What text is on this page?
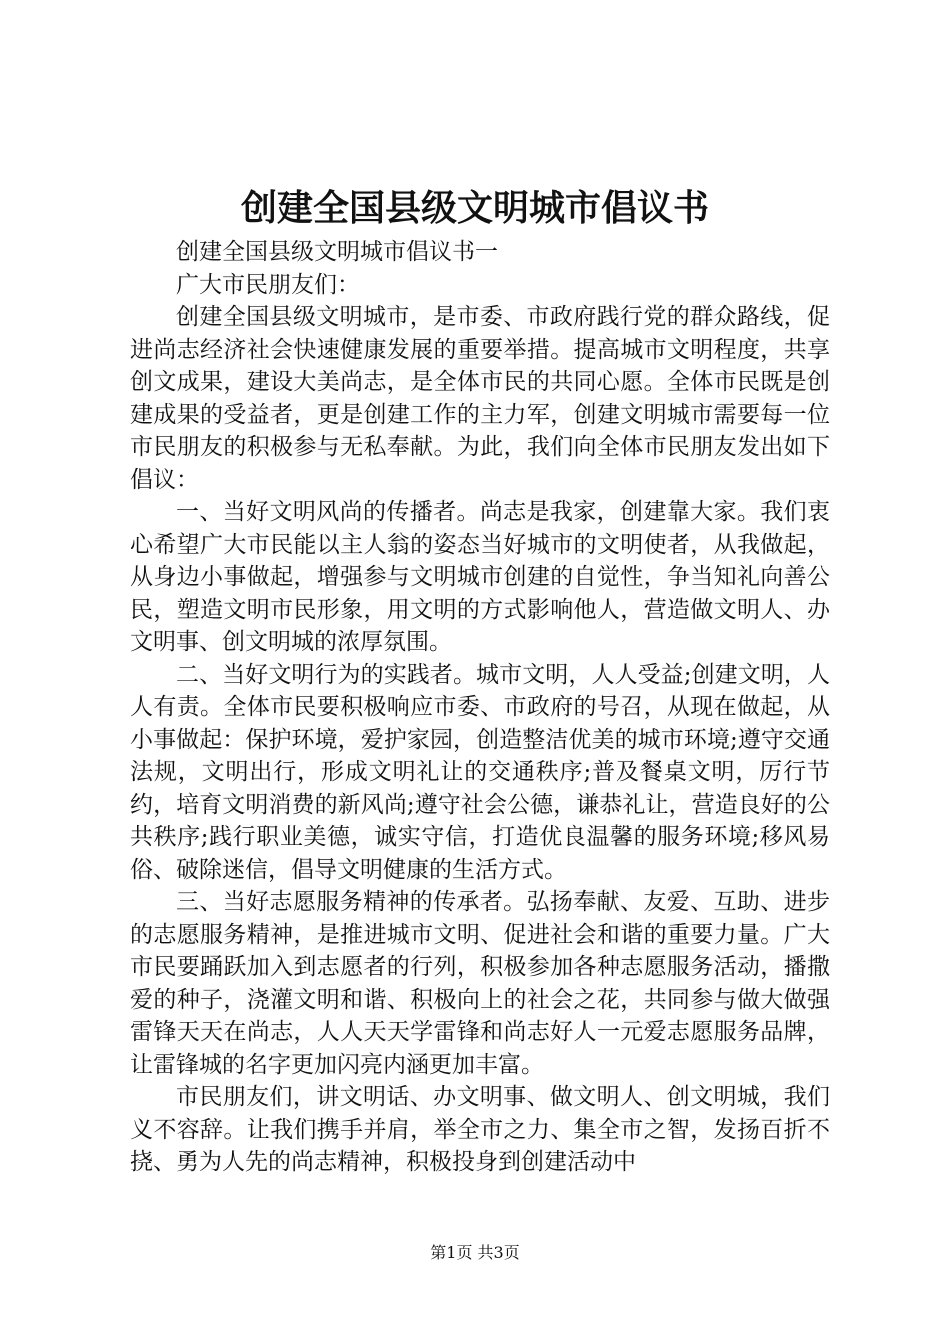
创建全国县级文明城市倡议书

创建全国县级文明城市倡议书一

广大市民朋友们：

创建全国县级文明城市，是市委、市政府践行党的群众路线，促进尚志经济社会快速健康发展的重要举措。提高城市文明程度，共享创文成果，建设大美尚志，是全体市民的共同心愿。全体市民既是创建成果的受益者，更是创建工作的主力军，创建文明城市需要每一位市民朋友的积极参与无私奉献。为此，我们向全体市民朋友发出如下倡议：

一、当好文明风尚的传播者。尚志是我家，创建靠大家。我们衷心希望广大市民能以主人翁的姿态当好城市的文明使者，从我做起，从身边小事做起，增强参与文明城市创建的自觉性，争当知礼向善公民，塑造文明市民形象，用文明的方式影响他人，营造做文明人、办文明事、创文明城的浓厚氛围。

二、当好文明行为的实践者。城市文明，人人受益;创建文明，人人有责。全体市民要积极响应市委、市政府的号召，从现在做起，从小事做起：保护环境，爱护家园，创造整洁优美的城市环境;遵守交通法规，文明出行，形成文明礼让的交通秩序;普及餐桌文明，厉行节约，培育文明消费的新风尚;遵守社会公德，谦恭礼让，营造良好的公共秩序;践行职业美德，诚实守信，打造优良温馨的服务环境;移风易俗、破除迷信，倡导文明健康的生活方式。

三、当好志愿服务精神的传承者。弘扬奉献、友爱、互助、进步的志愿服务精神，是推进城市文明、促进社会和谐的重要力量。广大市民要踊跃加入到志愿者的行列，积极参加各种志愿服务活动，播撒爱的种子，浇灌文明和谐、积极向上的社会之花，共同参与做大做强雷锋天天在尚志，人人天天学雷锋和尚志好人一元爱志愿服务品牌，让雷锋城的名字更加闪亮内涵更加丰富。

市民朋友们，讲文明话、办文明事、做文明人、创文明城，我们义不容辞。让我们携手并肩，举全市之力、集全市之智，发扬百折不挠、勇为人先的尚志精神，积极投身到创建活动中

第1页 共3页
